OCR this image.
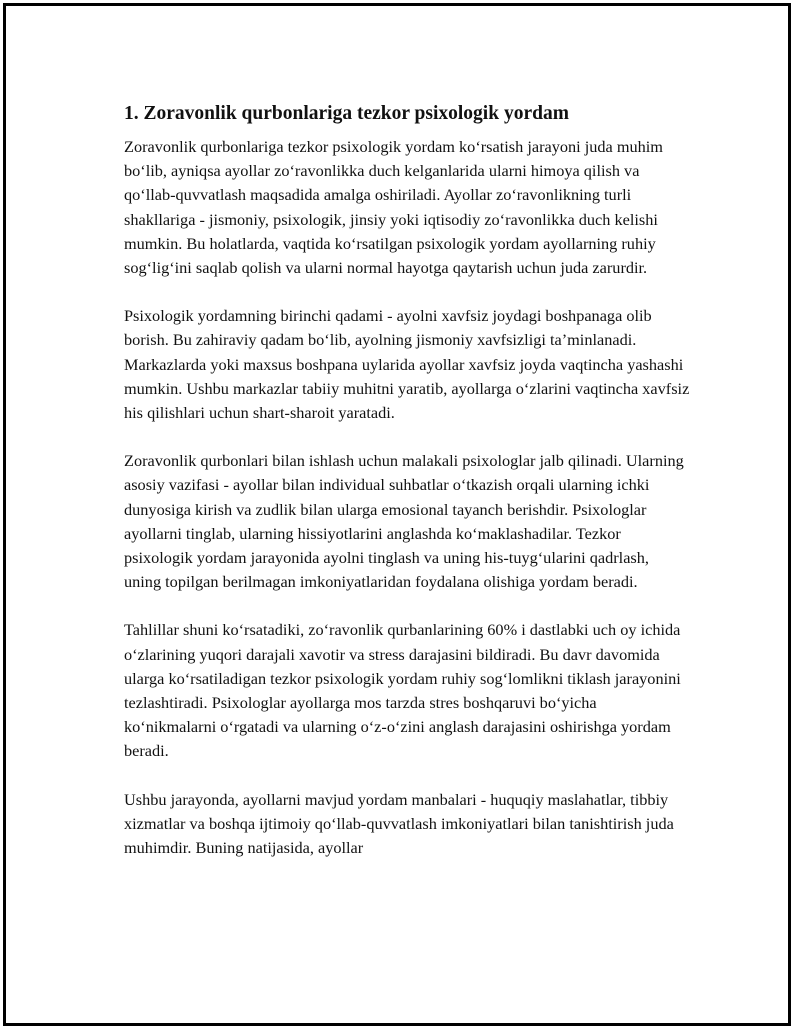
1. Zoravonlik qurbonlariga tezkor psixologik yordam

Zoravonlik qurbonlariga tezkor psixologik yordam ko‘rsatish jarayoni juda muhim bo‘lib, ayniqsa ayollar zo‘ravonlikka duch kelganlarida ularni himoya qilish va qo‘llab-quvvatlash maqsadida amalga oshiriladi. Ayollar zo‘ravonlikning turli shakllariga - jismoniy, psixologik, jinsiy yoki iqtisodiy zo‘ravonlikka duch kelishi mumkin. Bu holatlarda, vaqtida ko‘rsatilgan psixologik yordam ayollarning ruhiy sog‘lig‘ini saqlab qolish va ularni normal hayotga qaytarish uchun juda zarurdir.

Psixologik yordamning birinchi qadami - ayolni xavfsiz joydagi boshpanaga olib borish. Bu zahiraviy qadam bo‘lib, ayolning jismoniy xavfsizligi ta’minlanadi. Markazlarda yoki maxsus boshpana uylarida ayollar xavfsiz joyda vaqtincha yashashi mumkin. Ushbu markazlar tabiiy muhitni yaratib, ayollarga o‘zlarini vaqtincha xavfsiz his qilishlari uchun shart-sharoit yaratadi.

Zoravonlik qurbonlari bilan ishlash uchun malakali psixologlar jalb qilinadi. Ularning asosiy vazifasi - ayollar bilan individual suhbatlar o‘tkazish orqali ularning ichki dunyosiga kirish va zudlik bilan ularga emosional tayanch berishdir. Psixologlar ayollarni tinglab, ularning hissiyotlarini anglashda ko‘maklashadilar. Tezkor psixologik yordam jarayonida ayolni tinglash va uning his-tuyg‘ularini qadrlash, uning topilgan berilmagan imkoniyatlaridan foydalana olishiga yordam beradi.

Tahlillar shuni ko‘rsatadiki, zo‘ravonlik qurbanlarining 60% i dastlabki uch oy ichida o‘zlarining yuqori darajali xavotir va stress darajasini bildiradi. Bu davr davomida ularga ko‘rsatiladigan tezkor psixologik yordam ruhiy sog‘lomlikni tiklash jarayonini tezlashtiradi. Psixologlar ayollarga mos tarzda stres boshqaruvi bo‘yicha ko‘nikmalarni o‘rgatadi va ularning o‘z-o‘zini anglash darajasini oshirishga yordam beradi.

Ushbu jarayonda, ayollarni mavjud yordam manbalari - huquqiy maslahatlar, tibbiy xizmatlar va boshqa ijtimoiy qo‘llab-quvvatlash imkoniyatlari bilan tanishtirish juda muhimdir. Buning natijasida, ayollar
